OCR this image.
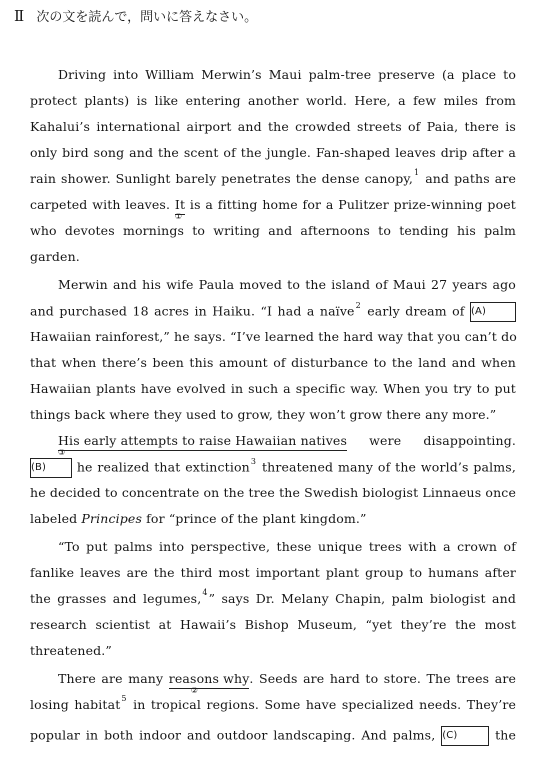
Ⅱ 次の文を読んで，問いに答えなさい。
Driving into William Merwin’s Maui palm-tree preserve (a place to
protect plants) is like entering another world. Here, a few miles from
Kahalui’s international airport and the crowded streets of Paia, there is
only bird song and the scent of the jungle. Fan-shaped leaves drip after a
rain shower. Sunlight barely penetrates the dense canopy,$^1$ and paths are
carpeted with leaves. It
①
is a fitting home for a Pulitzer prize-winning poet
who devotes mornings to writing and afternoons to tending his palm
garden.
Merwin and his wife Paula moved to the island of Maui 27 years ago
and purchased 18 acres in Haiku. “I had a naïve$^2$ early dream of (A)
Hawaiian rainforest,” he says. “I’ve learned the hard way that you can’t do
that when there’s been this amount of disturbance to the land and when
Hawaiian plants have evolved in such a specific way. When you try to put
things back where they used to grow, they won’t grow there any more.”
His early attempts to raise Hawaiian natives
③
were disappointing.
(B) he realized that extinction$^3$ threatened many of the world’s palms,
he decided to concentrate on the tree the Swedish biologist Linnaeus once
labeled Principes for “prince of the plant kingdom.”
“To put palms into perspective, these unique trees with a crown of
fanlike leaves are the third most important plant group to humans after
the grasses and legumes,$^4$” says Dr. Melany Chapin, palm biologist and
research scientist at Hawaii’s Bishop Museum, “yet they’re the most
threatened.”
There are many reasons why
②
. Seeds are hard to store. The trees are
losing habitat$^5$ in tropical regions. Some have specialized needs. They’re
popular in both indoor and outdoor landscaping. And palms, (C)	the
